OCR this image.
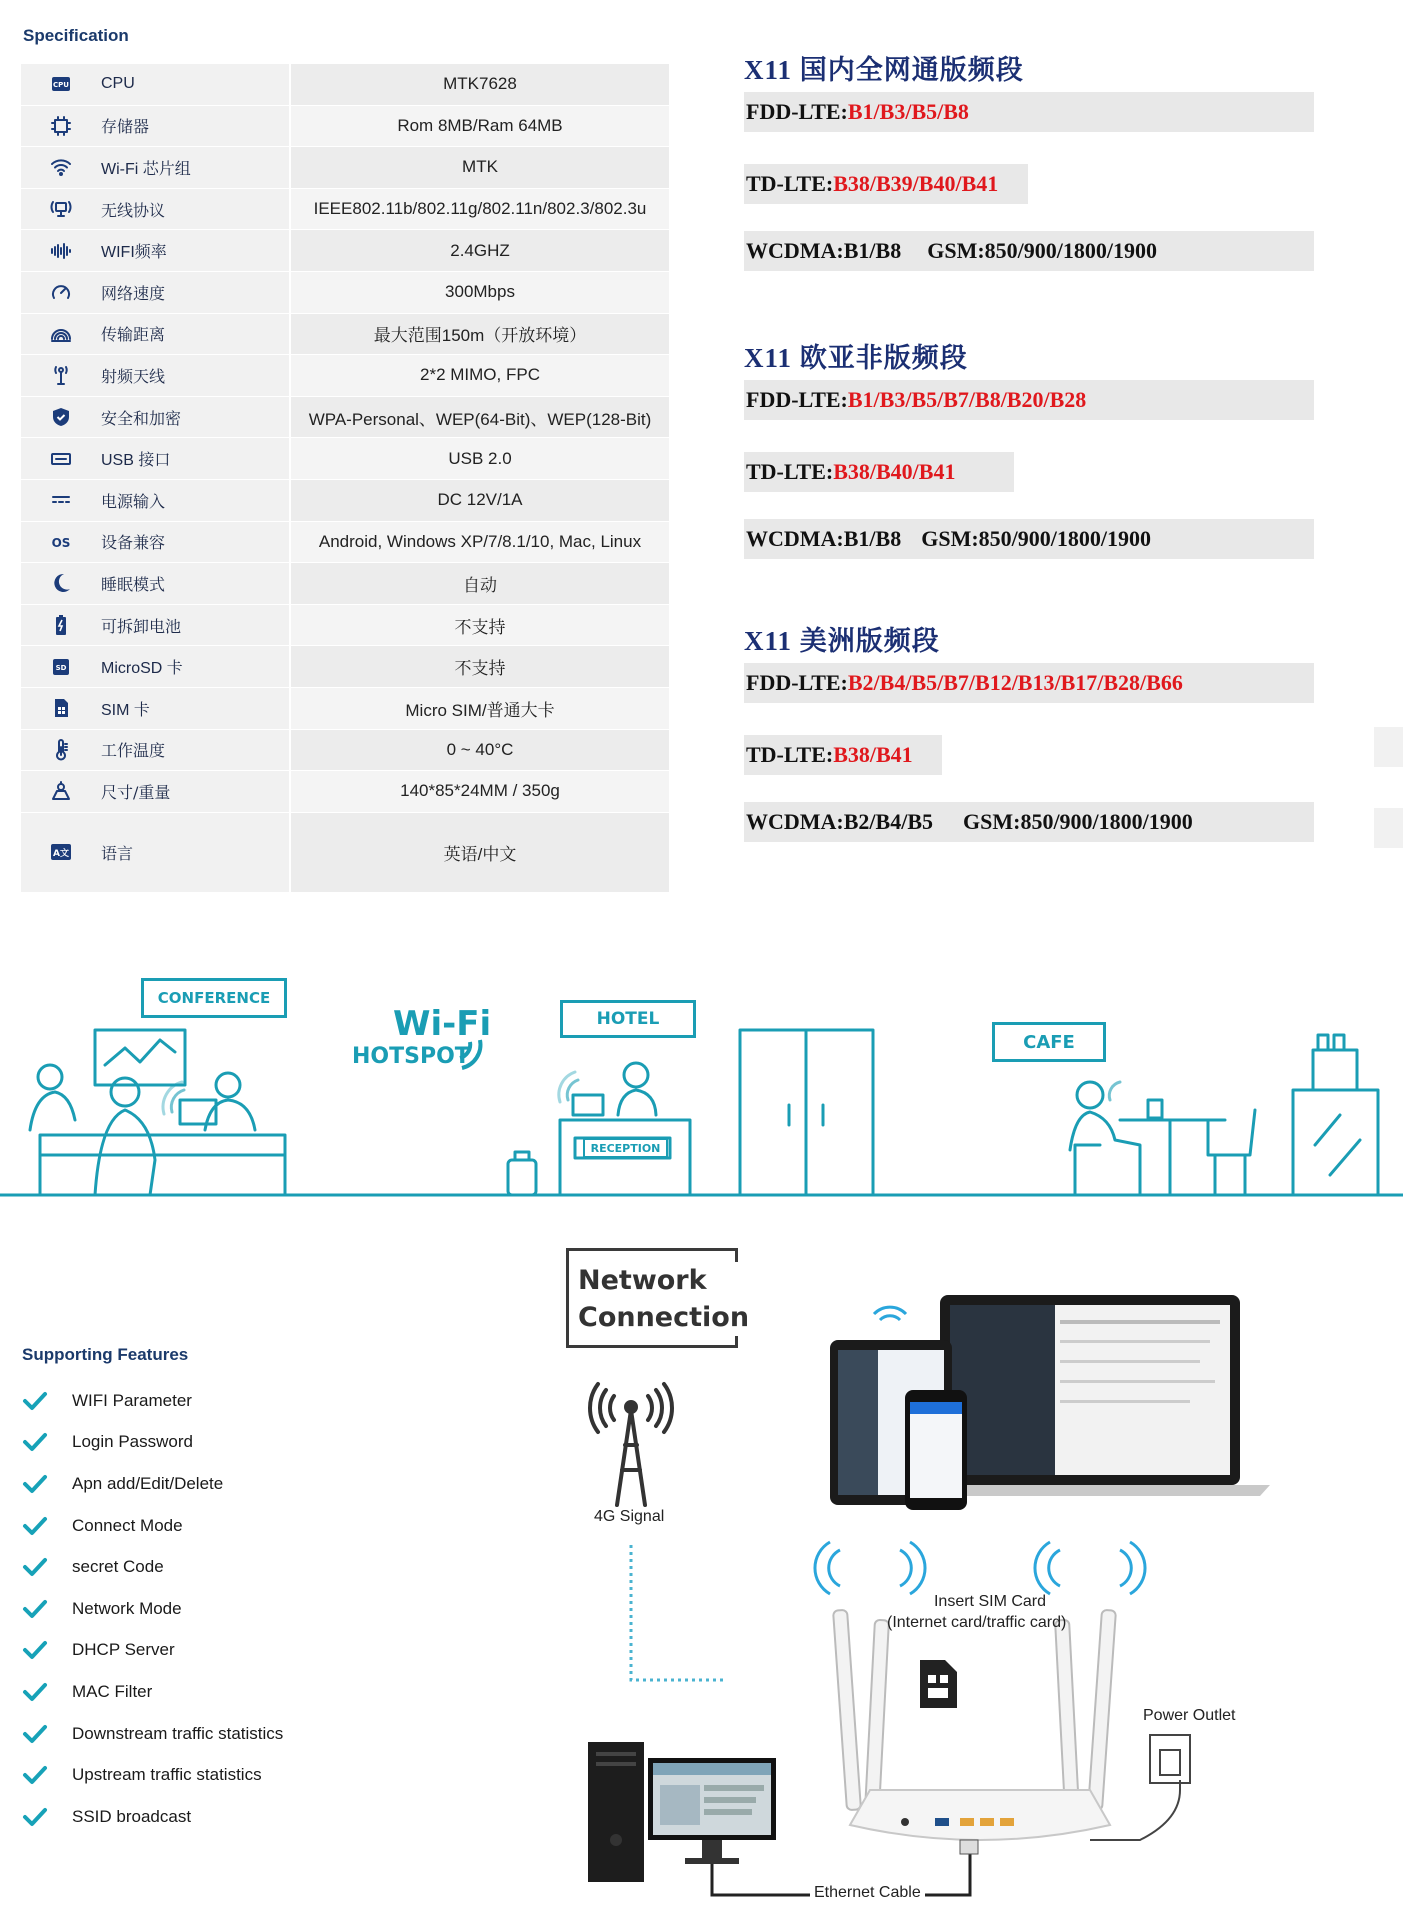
Specification
CPU CPU	MTK7628
存储器	Rom 8MB/Ram 64MB
Wi-Fi 芯片组	MTK
无线协议	IEEE802.11b/802.11g/802.11n/802.3/802.3u
WIFI频率	2.4GHZ
网络速度	300Mbps
传输距离	最大范围150m（开放环境）
射频天线	2*2 MIMO, FPC
安全和加密	WPA-Personal、WEP(64-Bit)、WEP(128-Bit)
USB 接口	USB 2.0
电源输入	DC 12V/1A
OS 设备兼容	Android, Windows XP/7/8.1/10, Mac, Linux
睡眠模式	自动
可拆卸电池	不支持
SD MicroSD 卡	不支持
SIM 卡	Micro SIM/普通大卡
工作温度	0 ~ 40°C
尺寸/重量	140*85*24MM / 350g
A文 语言	英语/中文
X11 国内全网通版频段
FDD-LTE: B1/B3/B5/B8
TD-LTE: B38/B39/B40/B41
WCDMA:B1/B8 GSM:850/900/1800/1900
X11 欧亚非版频段
FDD-LTE: B1/B3/B5/B7/B8/B20/B28
TD-LTE: B38/B40/B41
WCDMA:B1/B8 GSM:850/900/1800/1900
X11 美洲版频段
FDD-LTE: B2/B4/B5/B7/B12/B13/B17/B28/B66
TD-LTE: B38/B41
WCDMA:B2/B4/B5 GSM:850/900/1800/1900
Wi-Fi
HOTSPOT
CONFERENCE
HOTEL
RECEPTION
CAFE
Supporting Features
WIFI Parameter
Login Password
Apn add/Edit/Delete
Connect Mode
secret Code
Network Mode
DHCP Server
MAC Filter
Downstream traffic statistics
Upstream traffic statistics
SSID broadcast
Network
Connection
4G Signal
Insert SIM Card
(Internet card/traffic card)
Power Outlet
Ethernet Cable
